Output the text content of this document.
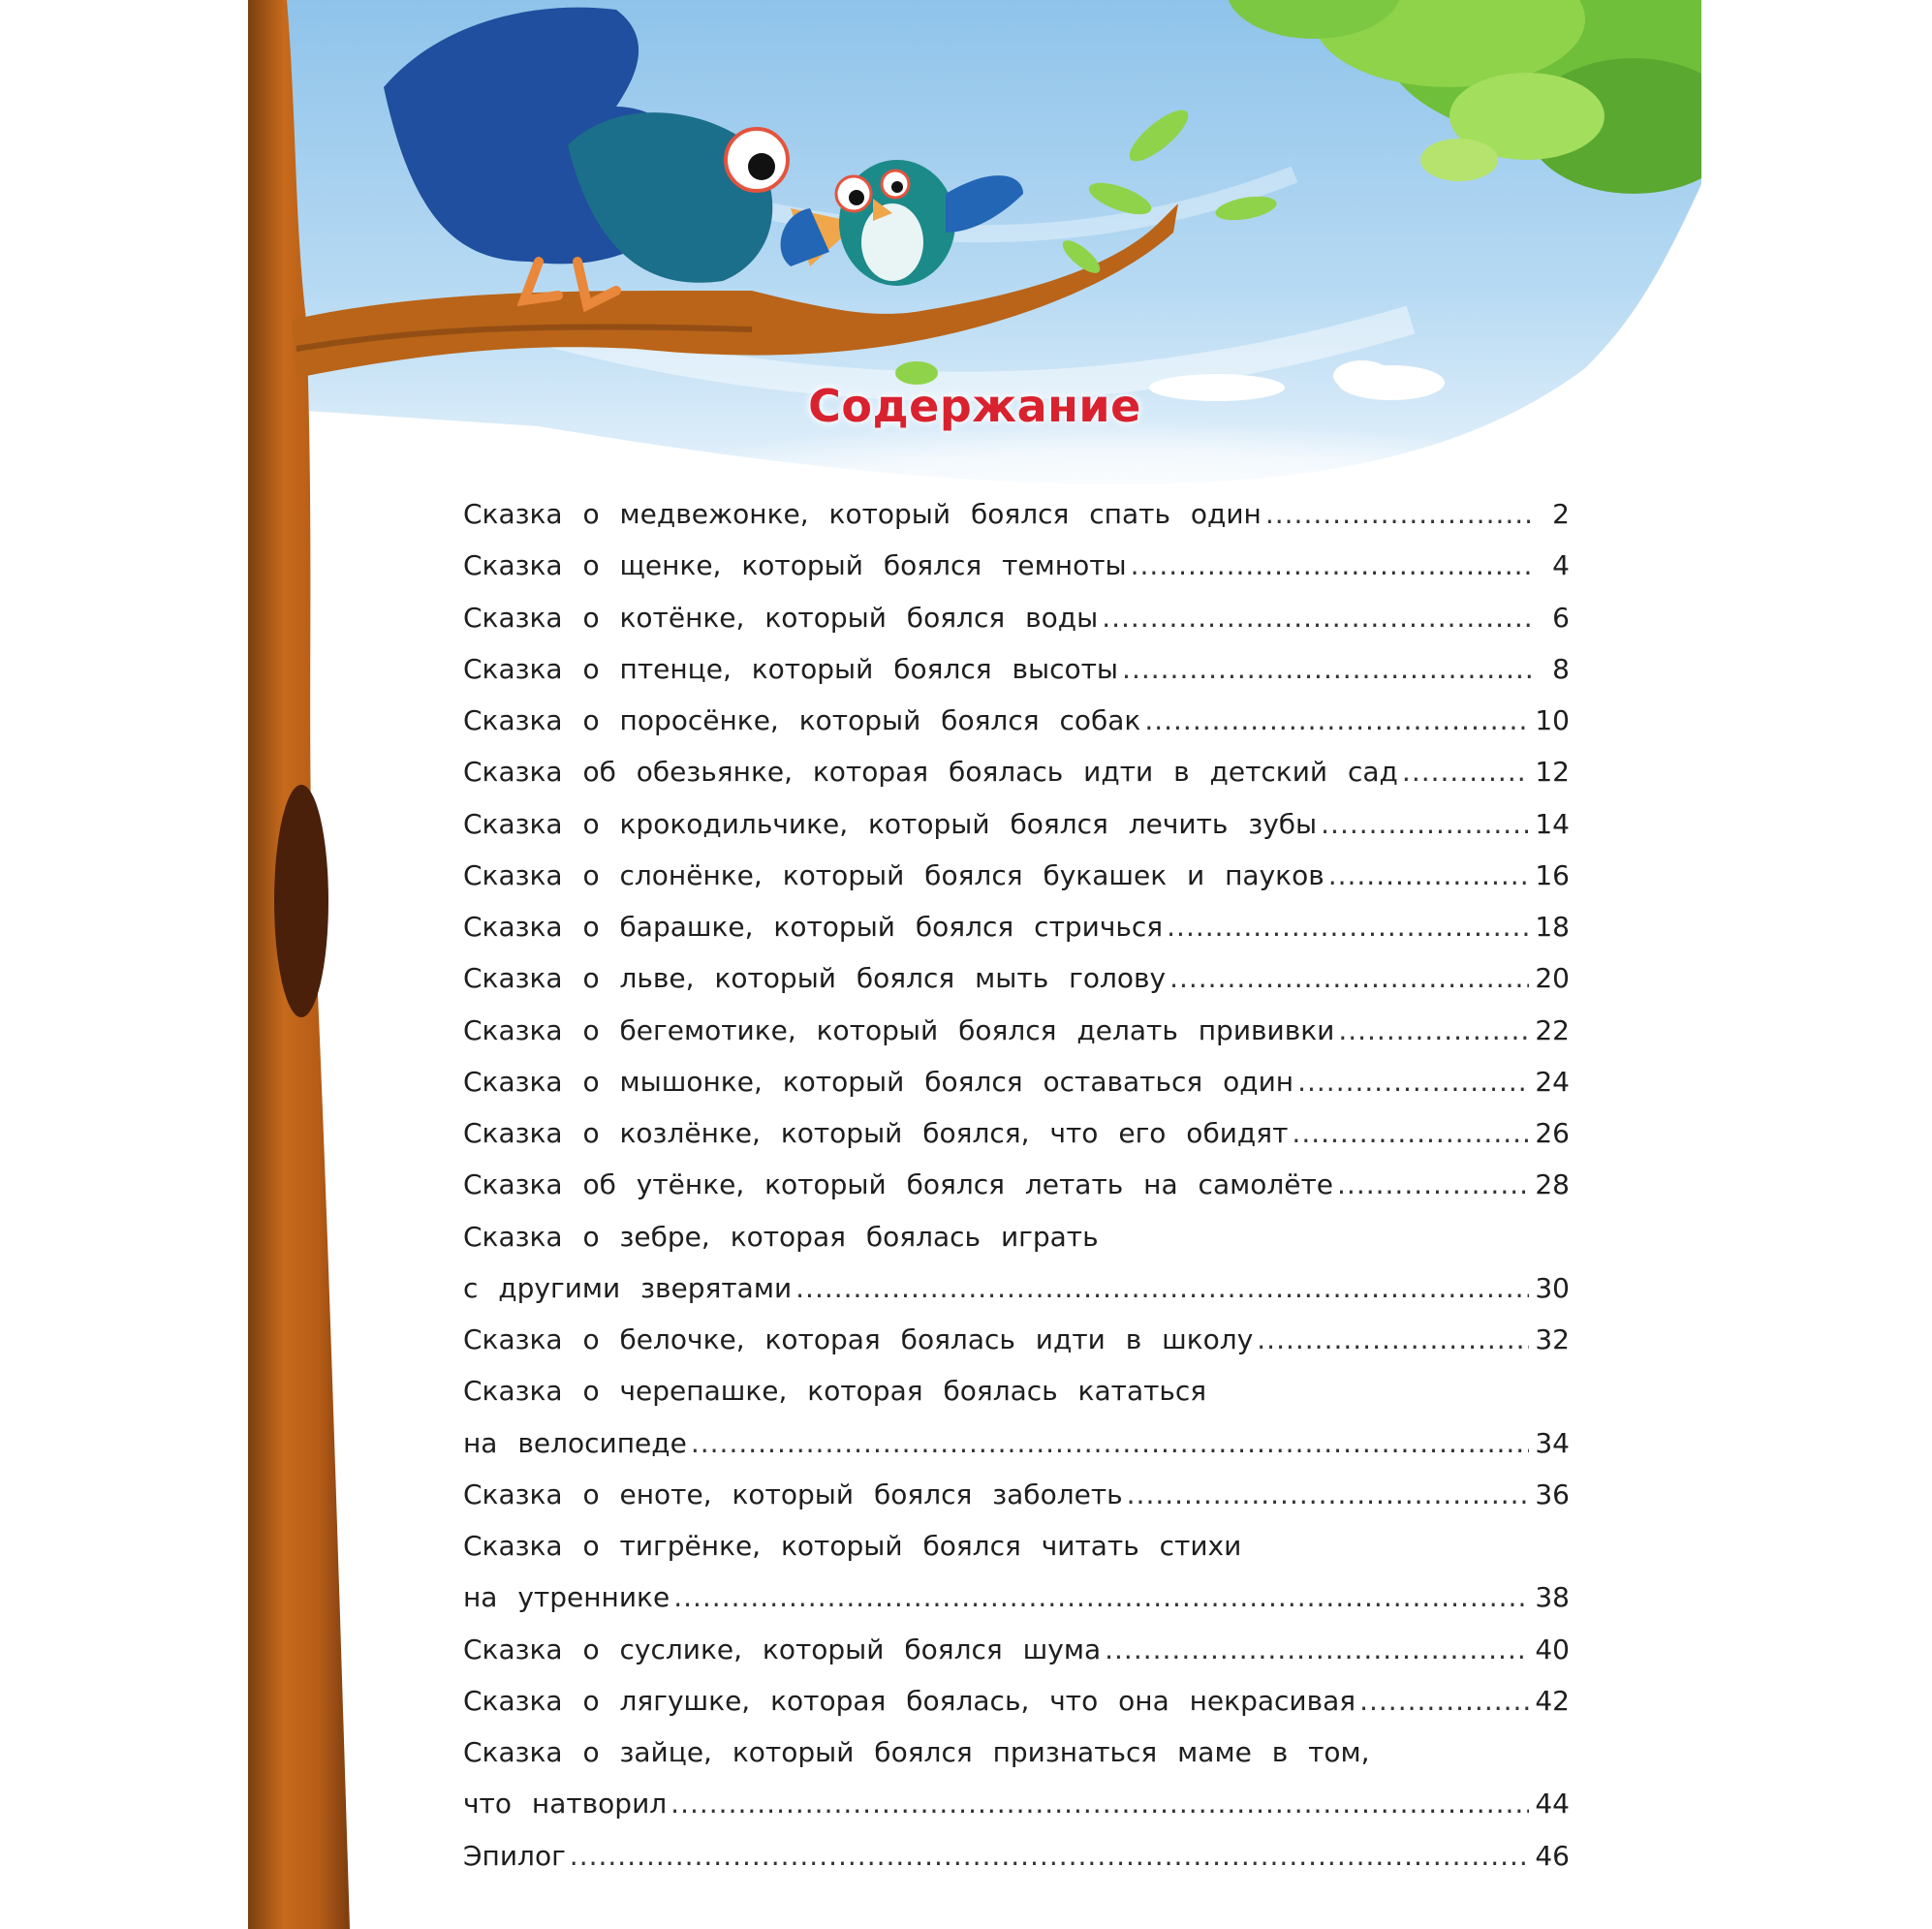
Содержание
Сказка о медвежонке, который боялся спать один .....	2
Сказка о щенке, который боялся темноты .....	4
Сказка о котёнке, который боялся воды .....	6
Сказка о птенце, который боялся высоты .....	8
Сказка о поросёнке, который боялся собак .....	10
Сказка об обезьянке, которая боялась идти в детский сад .....	12
Сказка о крокодильчике, который боялся лечить зубы .....	14
Сказка о слонёнке, который боялся букашек и пауков .....	16
Сказка о барашке, который боялся стричься .....	18
Сказка о льве, который боялся мыть голову .....	20
Сказка о бегемотике, который боялся делать прививки .....	22
Сказка о мышонке, который боялся оставаться один .....	24
Сказка о козлёнке, который боялся, что его обидят .....	26
Сказка об утёнке, который боялся летать на самолёте .....	28
Сказка о зебре, которая боялась играть
с другими зверятами .....	30
Сказка о белочке, которая боялась идти в школу .....	32
Сказка о черепашке, которая боялась кататься
на велосипеде .....	34
Сказка о еноте, который боялся заболеть .....	36
Сказка о тигрёнке, который боялся читать стихи
на утреннике .....	38
Сказка о суслике, который боялся шума .....	40
Сказка о лягушке, которая боялась, что она некрасивая .....	42
Сказка о зайце, который боялся признаться маме в том,
что натворил .....	44
Эпилог .....	46
